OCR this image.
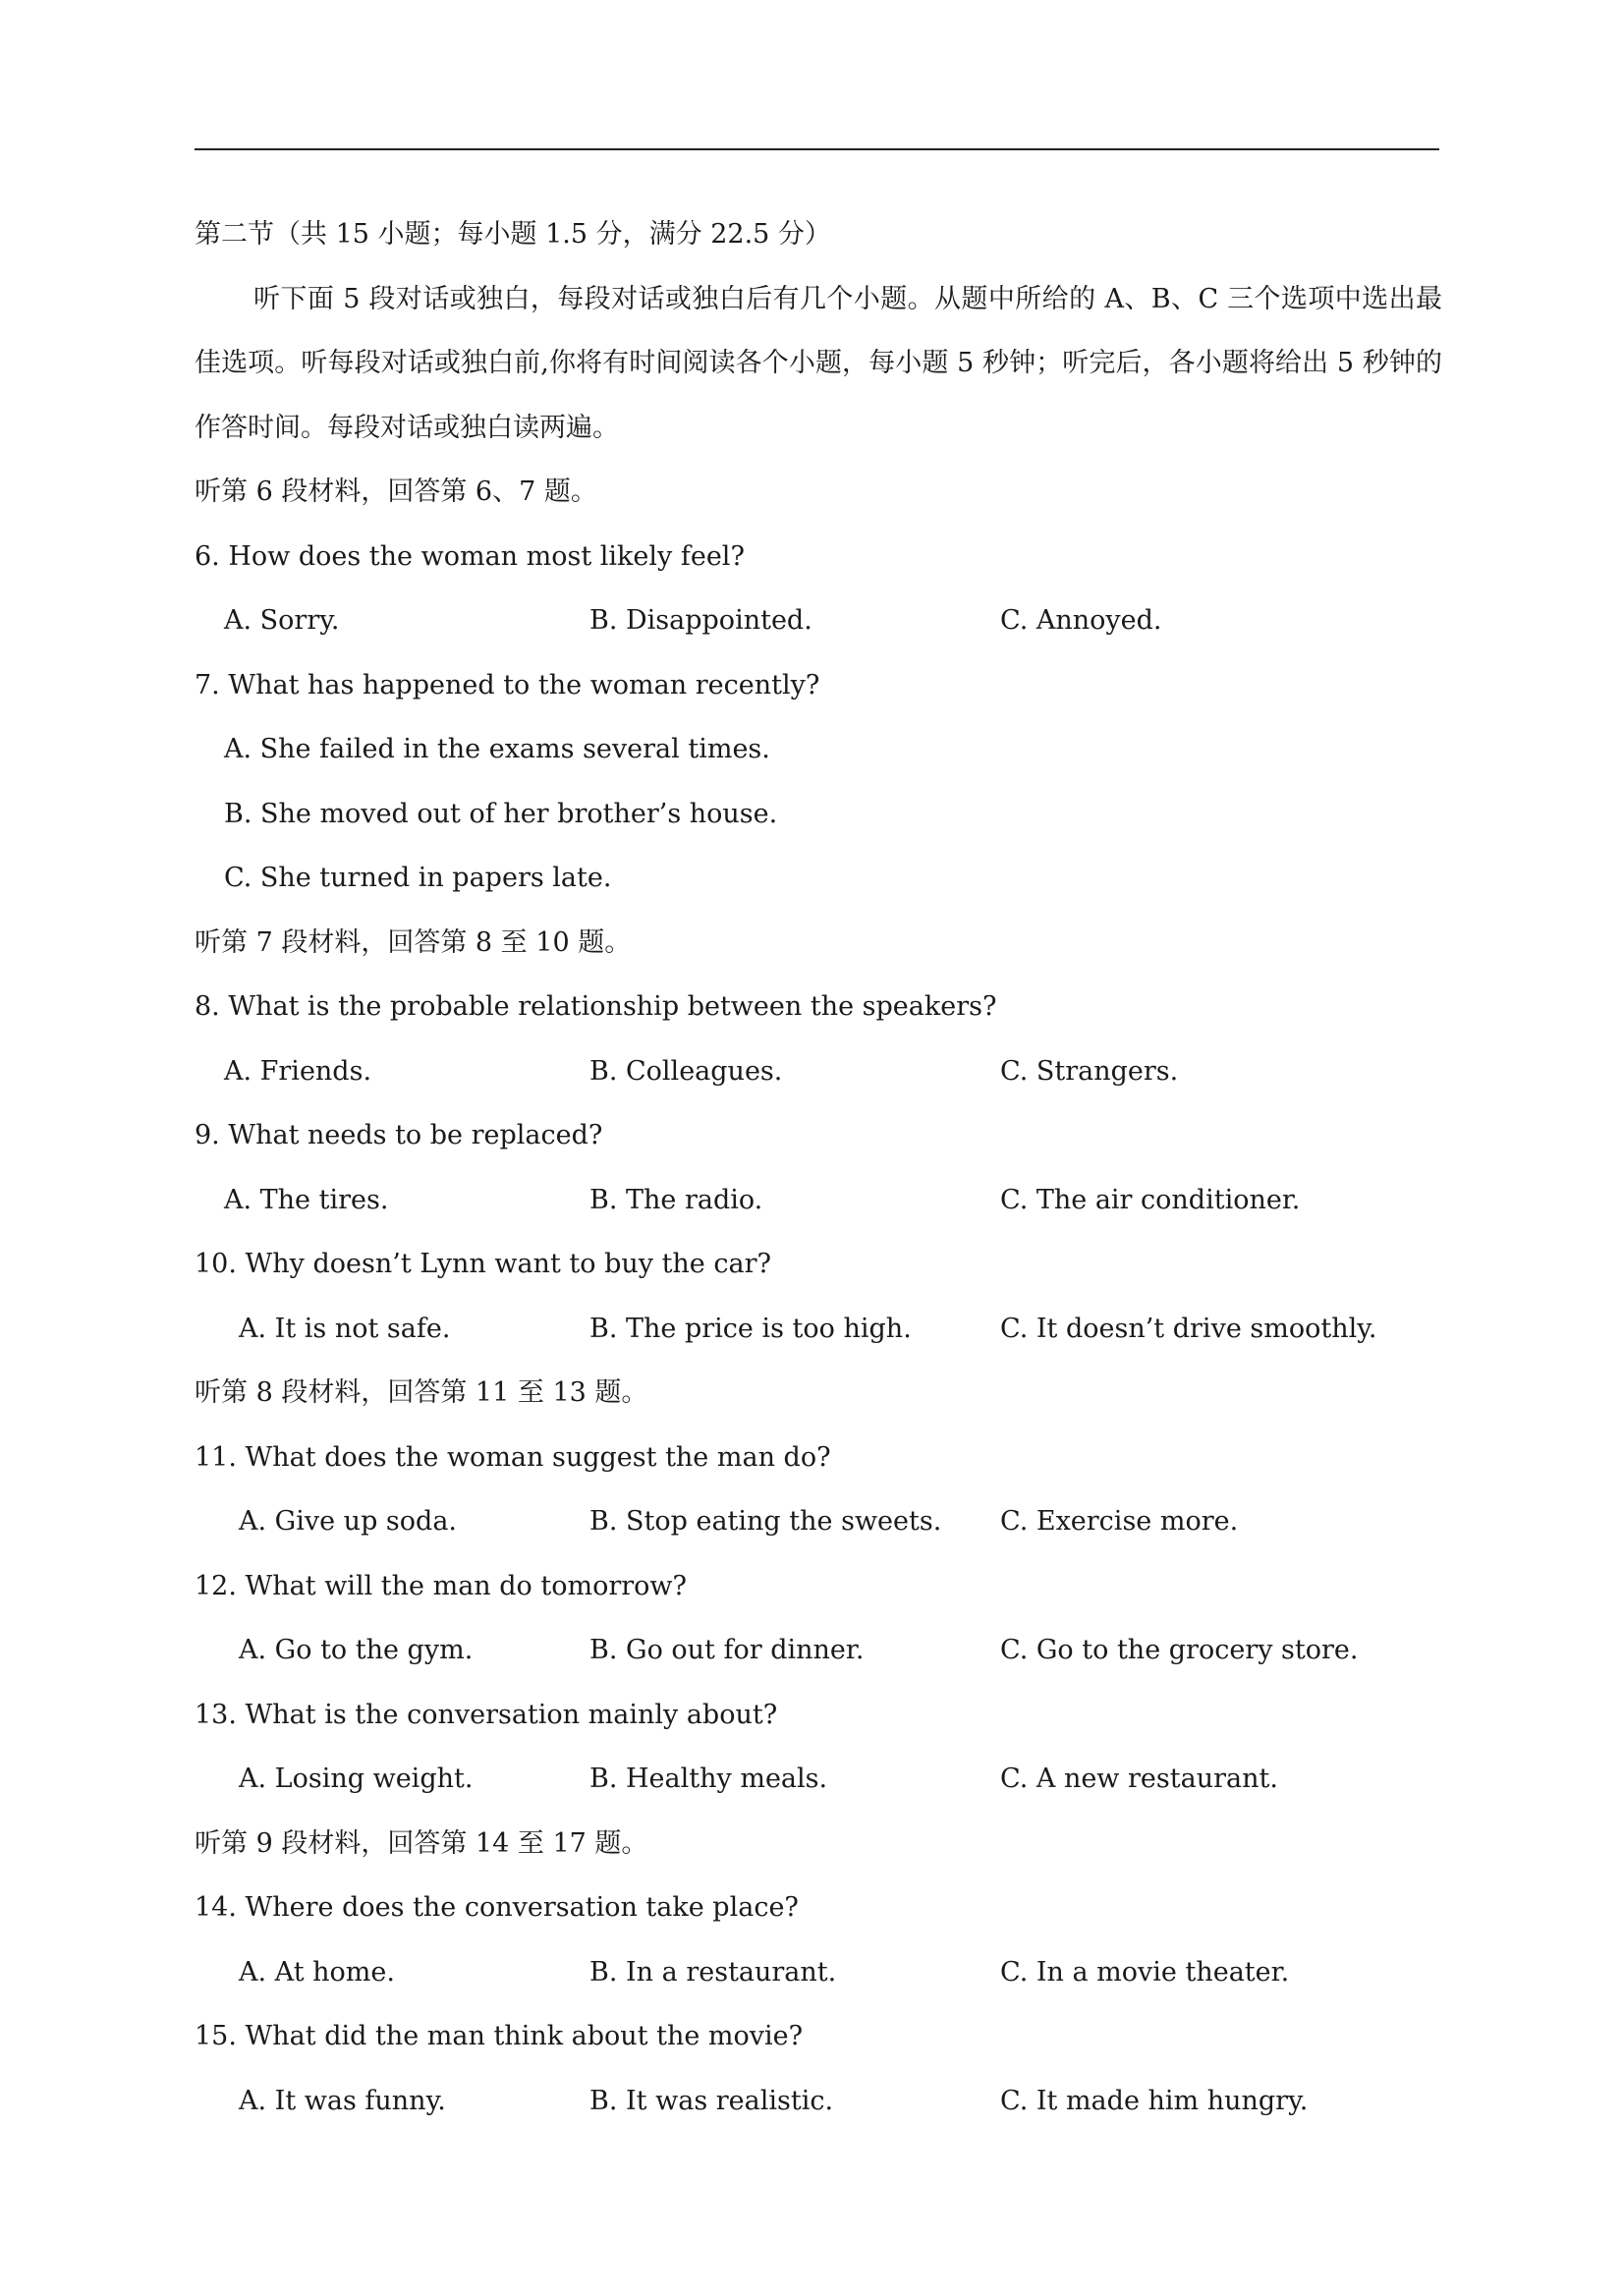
第二节（共 15 小题；每小题 1.5 分，满分 22.5 分）

听下面 5 段对话或独白，每段对话或独白后有几个小题。从题中所给的 A、B、C 三个选项中选出最佳选项。听每段对话或独白前,你将有时间阅读各个小题，每小题 5 秒钟；听完后，各小题将给出 5 秒钟的作答时间。每段对话或独白读两遍。

听第 6 段材料，回答第 6、7 题。
6. How does the woman most likely feel?
A. Sorry.	B. Disappointed.	C. Annoyed.
7. What has happened to the woman recently?
A. She failed in the exams several times.
B. She moved out of her brother’s house.
C. She turned in papers late.
听第 7 段材料，回答第 8 至 10 题。
8. What is the probable relationship between the speakers?
A. Friends.	B. Colleagues.	C. Strangers.
9. What needs to be replaced?
A. The tires.	B. The radio.	C. The air conditioner.
10. Why doesn’t Lynn want to buy the car?
A. It is not safe.	B. The price is too high.	C. It doesn’t drive smoothly.
听第 8 段材料，回答第 11 至 13 题。
11. What does the woman suggest the man do?
A. Give up soda.	B. Stop eating the sweets. C. Exercise more.
12. What will the man do tomorrow?
A. Go to the gym.	B. Go out for dinner.	C. Go to the grocery store.
13. What is the conversation mainly about?
A. Losing weight.	B. Healthy meals.	C. A new restaurant.
听第 9 段材料，回答第 14 至 17 题。
14. Where does the conversation take place?
A. At home.	B. In a restaurant.	C. In a movie theater.
15. What did the man think about the movie?
A. It was funny.	B. It was realistic.	C. It made him hungry.
